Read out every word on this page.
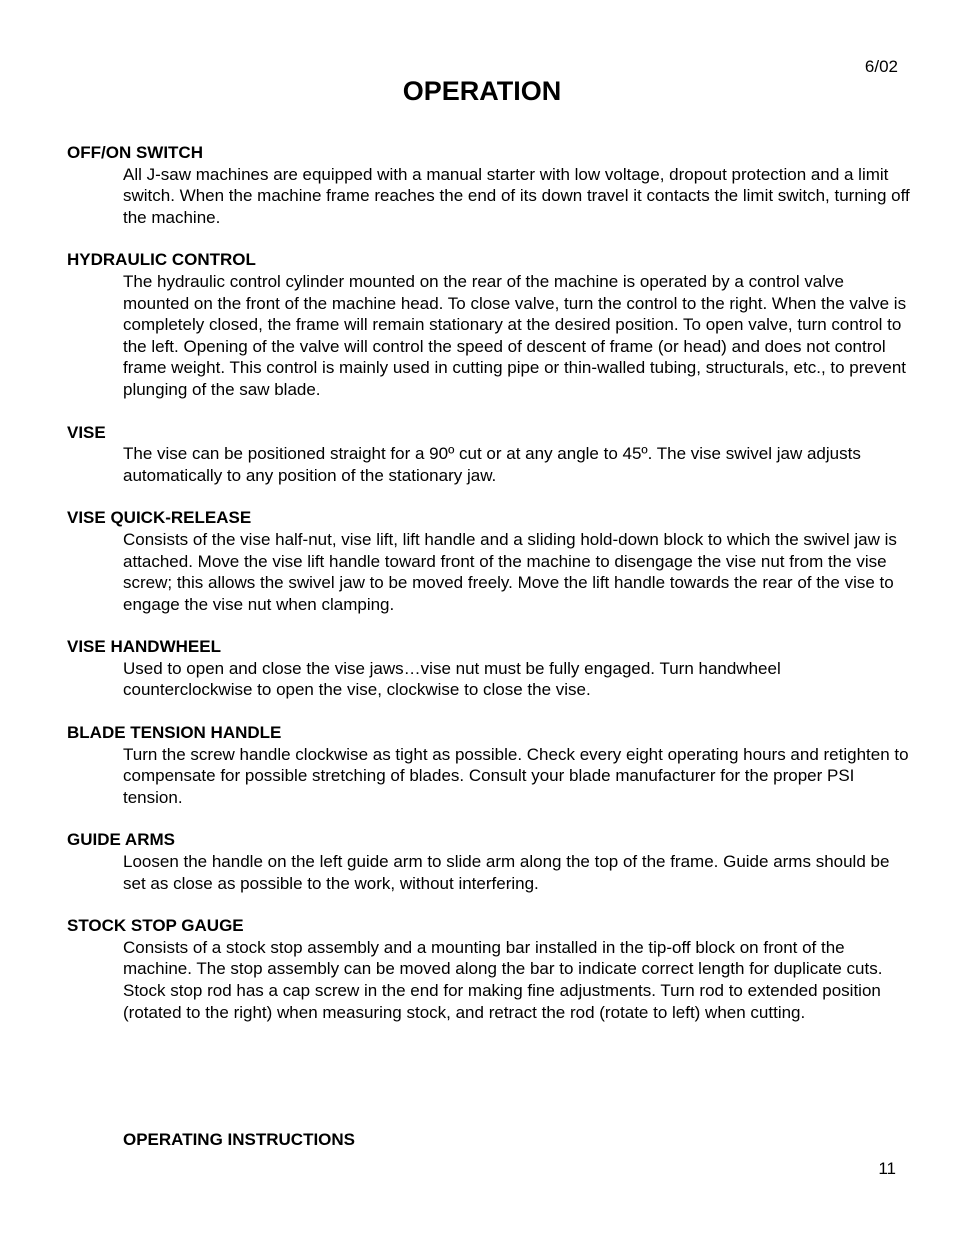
6/02
OPERATION

OFF/ON SWITCH

All J-saw machines are equipped with a manual starter with low voltage, dropout protection and a limit switch. When the machine frame reaches the end of its down travel it contacts the limit switch, turning off the machine.

HYDRAULIC CONTROL

The hydraulic control cylinder mounted on the rear of the machine is operated by a control valve mounted on the front of the machine head. To close valve, turn the control to the right. When the valve is completely closed, the frame will remain stationary at the desired position. To open valve, turn control to the left. Opening of the valve will control the speed of descent of frame (or head) and does not control frame weight. This control is mainly used in cutting pipe or thin-walled tubing, structurals, etc., to prevent plunging of the saw blade.

VISE

The vise can be positioned straight for a 90º cut or at any angle to 45º. The vise swivel jaw adjusts automatically to any position of the stationary jaw.

VISE QUICK-RELEASE

Consists of the vise half-nut, vise lift, lift handle and a sliding hold-down block to which the swivel jaw is attached. Move the vise lift handle toward front of the machine to disengage the vise nut from the vise screw; this allows the swivel jaw to be moved freely. Move the lift handle towards the rear of the vise to engage the vise nut when clamping.

VISE HANDWHEEL

Used to open and close the vise jaws…vise nut must be fully engaged. Turn handwheel counterclockwise to open the vise, clockwise to close the vise.

BLADE TENSION HANDLE

Turn the screw handle clockwise as tight as possible. Check every eight operating hours and retighten to compensate for possible stretching of blades. Consult your blade manufacturer for the proper PSI tension.

GUIDE ARMS

Loosen the handle on the left guide arm to slide arm along the top of the frame. Guide arms should be set as close as possible to the work, without interfering.

STOCK STOP GAUGE

Consists of a stock stop assembly and a mounting bar installed in the tip-off block on front of the machine. The stop assembly can be moved along the bar to indicate correct length for duplicate cuts. Stock stop rod has a cap screw in the end for making fine adjustments. Turn rod to extended position (rotated to the right) when measuring stock, and retract the rod (rotate to left) when cutting.

OPERATING INSTRUCTIONS

11
